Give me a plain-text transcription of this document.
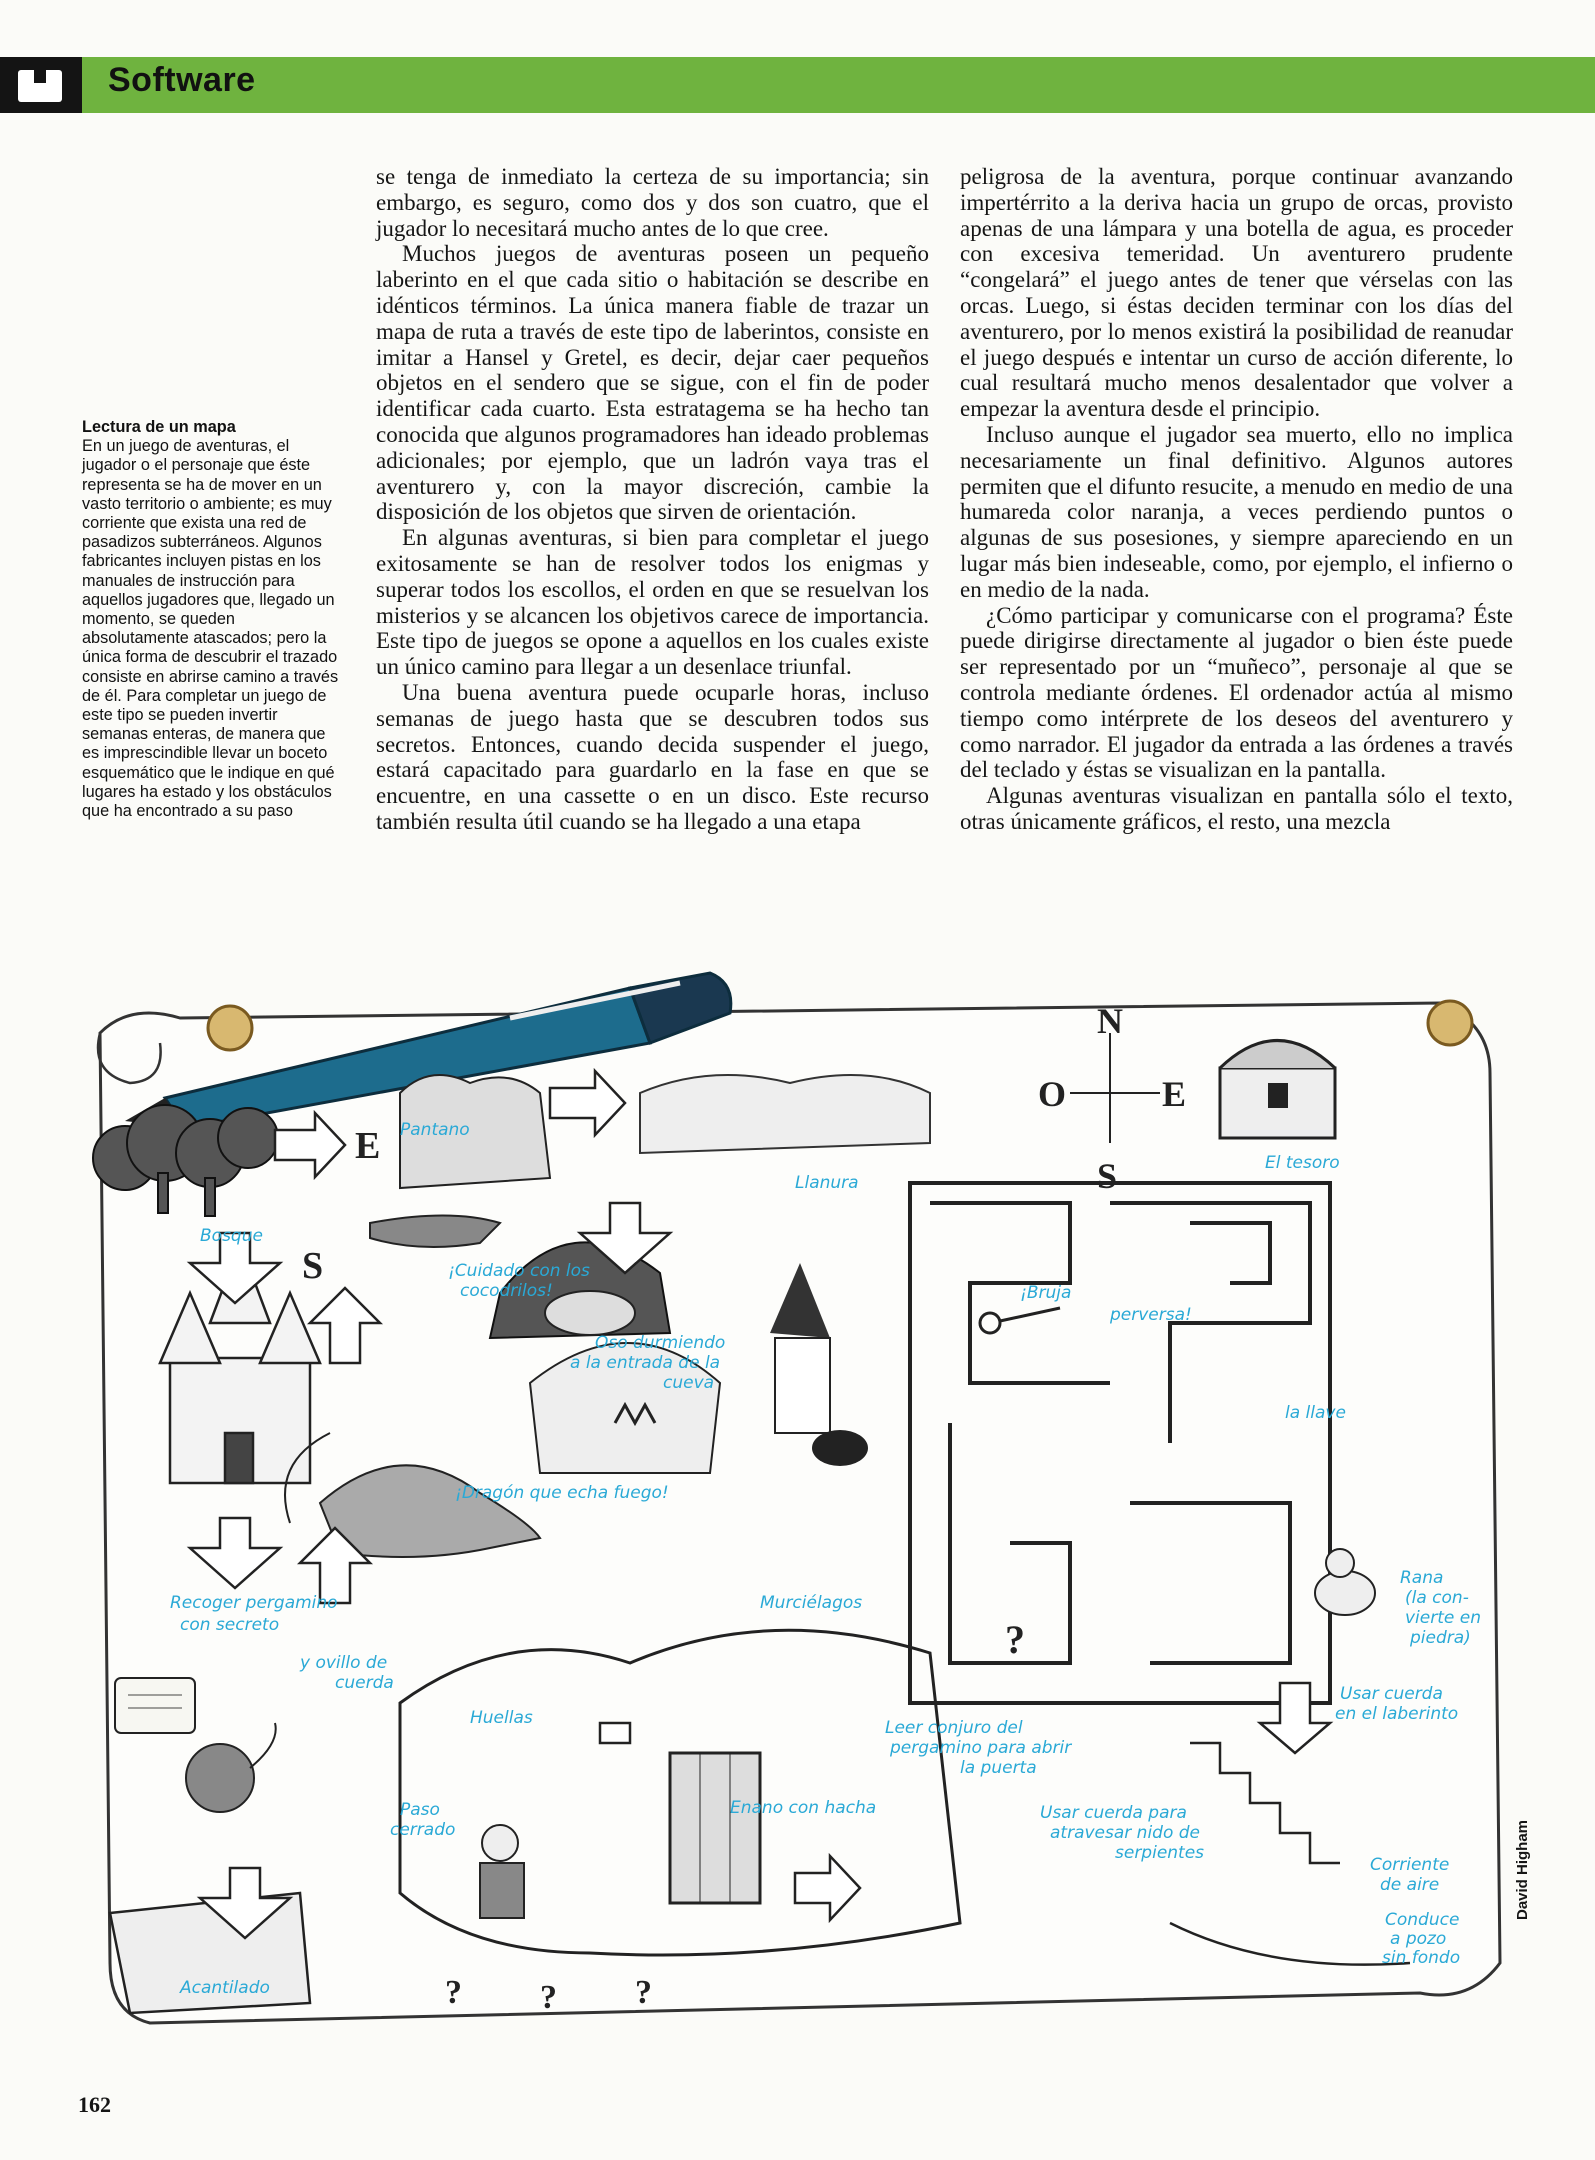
Software
Lectura de un mapa
En un juego de aventuras, el jugador o el personaje que éste representa se ha de mover en un vasto territorio o ambiente; es muy corriente que exista una red de pasadizos subterráneos. Algunos fabricantes incluyen pistas en los manuales de instrucción para aquellos jugadores que, llegado un momento, se queden absolutamente atascados; pero la única forma de descubrir el trazado consiste en abrirse camino a través de él. Para completar un juego de este tipo se pueden invertir semanas enteras, de manera que es imprescindible llevar un boceto esquemático que le indique en qué lugares ha estado y los obstáculos que ha encontrado a su paso

se tenga de inmediato la certeza de su importancia; sin embargo, es seguro, como dos y dos son cuatro, que el jugador lo necesitará mucho antes de lo que cree.

Muchos juegos de aventuras poseen un pequeño laberinto en el que cada sitio o habitación se describe en idénticos términos. La única manera fiable de trazar un mapa de ruta a través de este tipo de laberintos, consiste en imitar a Hansel y Gretel, es decir, dejar caer pequeños objetos en el sendero que se sigue, con el fin de poder identificar cada cuarto. Esta estratagema se ha hecho tan conocida que algunos programadores han ideado problemas adicionales; por ejemplo, que un ladrón vaya tras el aventurero y, con la mayor discreción, cambie la disposición de los objetos que sirven de orientación.

En algunas aventuras, si bien para completar el juego exitosamente se han de resolver todos los enigmas y superar todos los escollos, el orden en que se resuelvan los misterios y se alcancen los objetivos carece de importancia. Este tipo de juegos se opone a aquellos en los cuales existe un único camino para llegar a un desenlace triunfal.

Una buena aventura puede ocuparle horas, incluso semanas de juego hasta que se descubren todos sus secretos. Entonces, cuando decida suspender el juego, estará capacitado para guardarlo en la fase en que se encuentre, en una cassette o en un disco. Este recurso también resulta útil cuando se ha llegado a una etapa

peligrosa de la aventura, porque continuar avanzando impertérrito a la deriva hacia un grupo de orcas, provisto apenas de una lámpara y una botella de agua, es proceder con excesiva temeridad. Un aventurero prudente “congelará” el juego antes de tener que vérselas con las orcas. Luego, si éstas deciden terminar con los días del aventurero, por lo menos existirá la posibilidad de reanudar el juego después e intentar un curso de acción diferente, lo cual resultará mucho menos desalentador que volver a empezar la aventura desde el principio.

Incluso aunque el jugador sea muerto, ello no implica necesariamente un final definitivo. Algunos autores permiten que el difunto resucite, a menudo en medio de una humareda color naranja, a veces perdiendo puntos o algunas de sus posesiones, y siempre apareciendo en un lugar más bien indeseable, como, por ejemplo, el infierno o en medio de la nada.

¿Cómo participar y comunicarse con el programa? Éste puede dirigirse directamente al jugador o bien éste puede ser representado por un “muñeco”, personaje al que se controla mediante órdenes. El ordenador actúa al mismo tiempo como intérprete de los deseos del aventurero y como narrador. El jugador da entrada a las órdenes a través del teclado y éstas se visualizan en la pantalla.

Algunas aventuras visualizan en pantalla sólo el texto, otras únicamente gráficos, el resto, una mezcla

N
S
E
O
E
S
?
? ? ?
Bosque
Pantano
¡Cuidado con los
cocodrilos!
Llanura
El tesoro
Oso durmiendo
a la entrada de la
cueva
¡Bruja
perversa!
la llave
¡Dragón que echa fuego!
Murciélagos
Recoger pergamino
con secreto
y ovillo de
cuerda
Huellas
Paso
cerrado
Leer conjuro del
pergamino para abrir
la puerta
Enano con hacha	Usar cuerda para
atravesar nido de
serpientes
Rana
(la con-
vierte en
piedra)
Usar cuerda
en el laberinto
Corriente
de aire
Conduce
a pozo
sin fondo
Acantilado
David Higham
162
